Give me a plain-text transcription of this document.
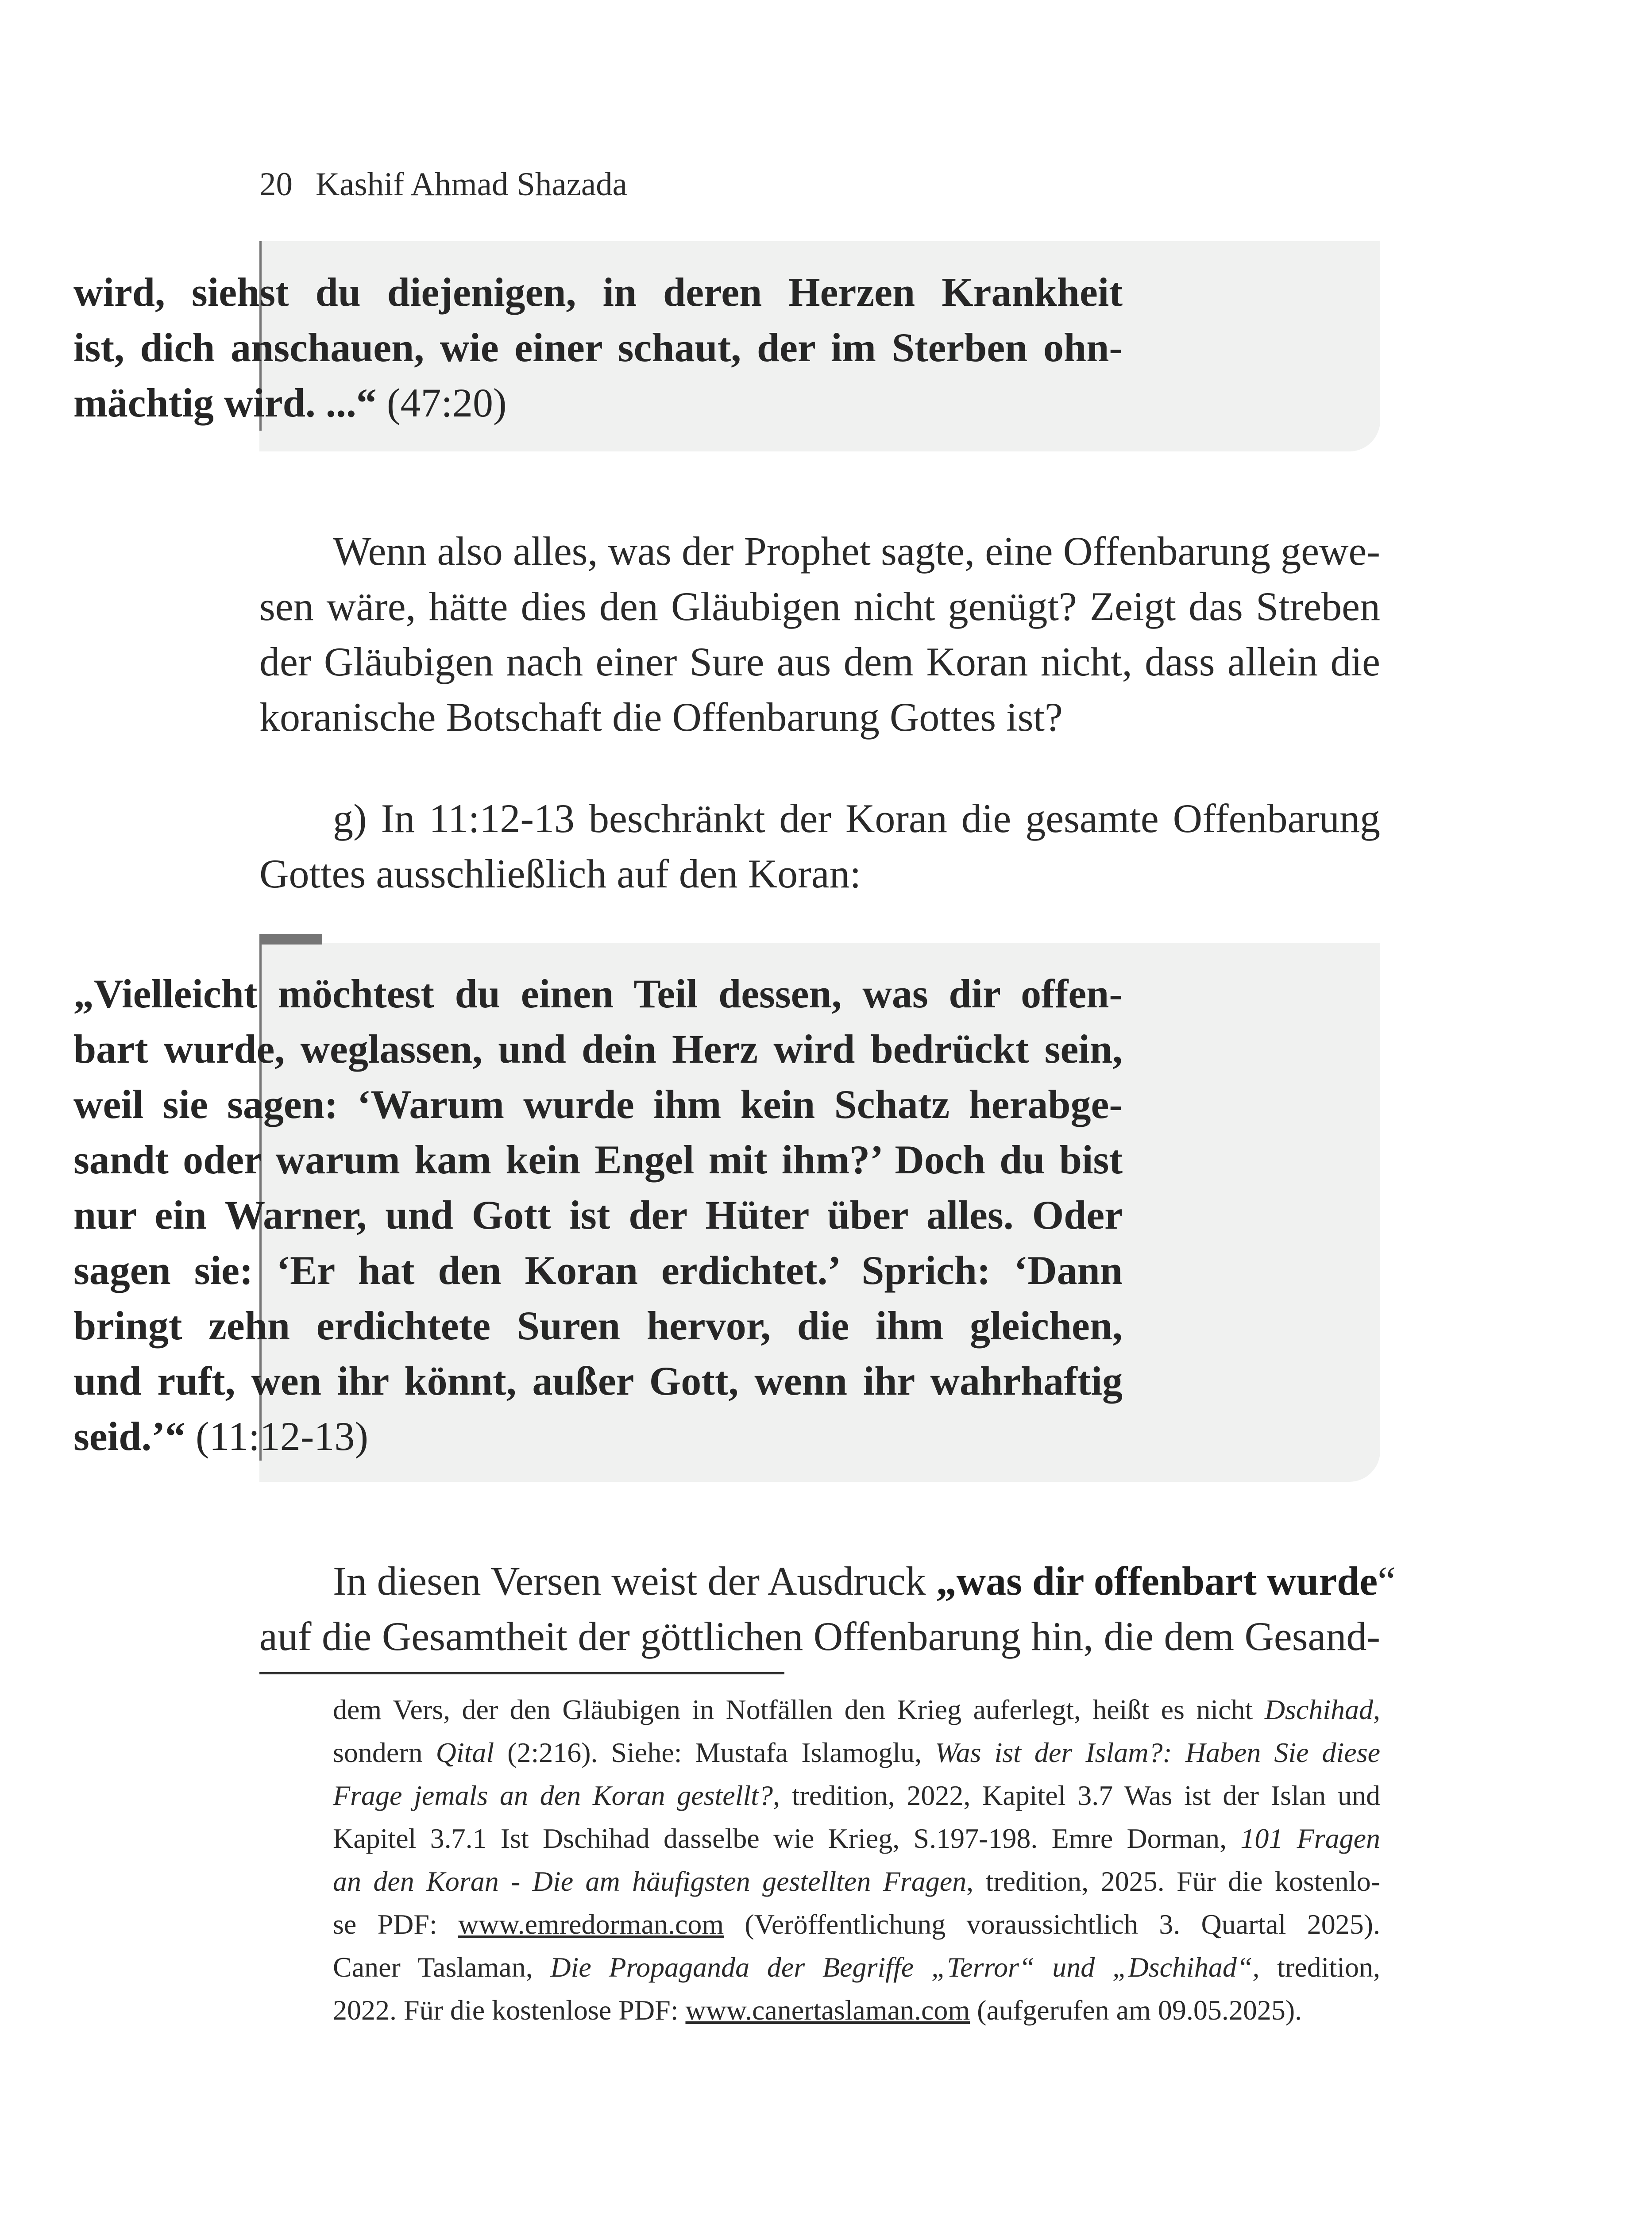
20 Kashif Ahmad Shazada
wird, siehst du diejenigen, in deren Herzen Krankheit
ist, dich anschauen, wie einer schaut, der im Sterben ohn-
mächtig wird. ...“ (47:20)
Wenn also alles, was der Prophet sagte, eine Offenbarung gewe-
sen wäre, hätte dies den Gläubigen nicht genügt? Zeigt das Streben
der Gläubigen nach einer Sure aus dem Koran nicht, dass allein die
koranische Botschaft die Offenbarung Gottes ist?
g) In 11:12-13 beschränkt der Koran die gesamte Offenbarung
Gottes ausschließlich auf den Koran:
„Vielleicht möchtest du einen Teil dessen, was dir offen-
bart wurde, weglassen, und dein Herz wird bedrückt sein,
weil sie sagen: ‘Warum wurde ihm kein Schatz herabge-
sandt oder warum kam kein Engel mit ihm?’ Doch du bist
nur ein Warner, und Gott ist der Hüter über alles. Oder
sagen sie: ‘Er hat den Koran erdichtet.’ Sprich: ‘Dann
bringt zehn erdichtete Suren hervor, die ihm gleichen,
und ruft, wen ihr könnt, außer Gott, wenn ihr wahrhaftig
seid.’“ (11:12-13)
In diesen Versen weist der Ausdruck „was dir offenbart wurde“
auf die Gesamtheit der göttlichen Offenbarung hin, die dem Gesand-
dem Vers, der den Gläubigen in Notfällen den Krieg auferlegt, heißt es nicht Dschihad,
sondern Qital (2:216). Siehe: Mustafa Islamoglu, Was ist der Islam?: Haben Sie diese
Frage jemals an den Koran gestellt?, tredition, 2022, Kapitel 3.7 Was ist der Islan und
Kapitel 3.7.1 Ist Dschihad dasselbe wie Krieg, S.197-198. Emre Dorman, 101 Fragen
an den Koran - Die am häufigsten gestellten Fragen, tredition, 2025. Für die kostenlo-
se PDF: www.emredorman.com (Veröffentlichung voraussichtlich 3. Quartal 2025).
Caner Taslaman, Die Propaganda der Begriffe „Terror“ und „Dschihad“, tredition,
2022. Für die kostenlose PDF: www.canertaslaman.com (aufgerufen am 09.05.2025).
